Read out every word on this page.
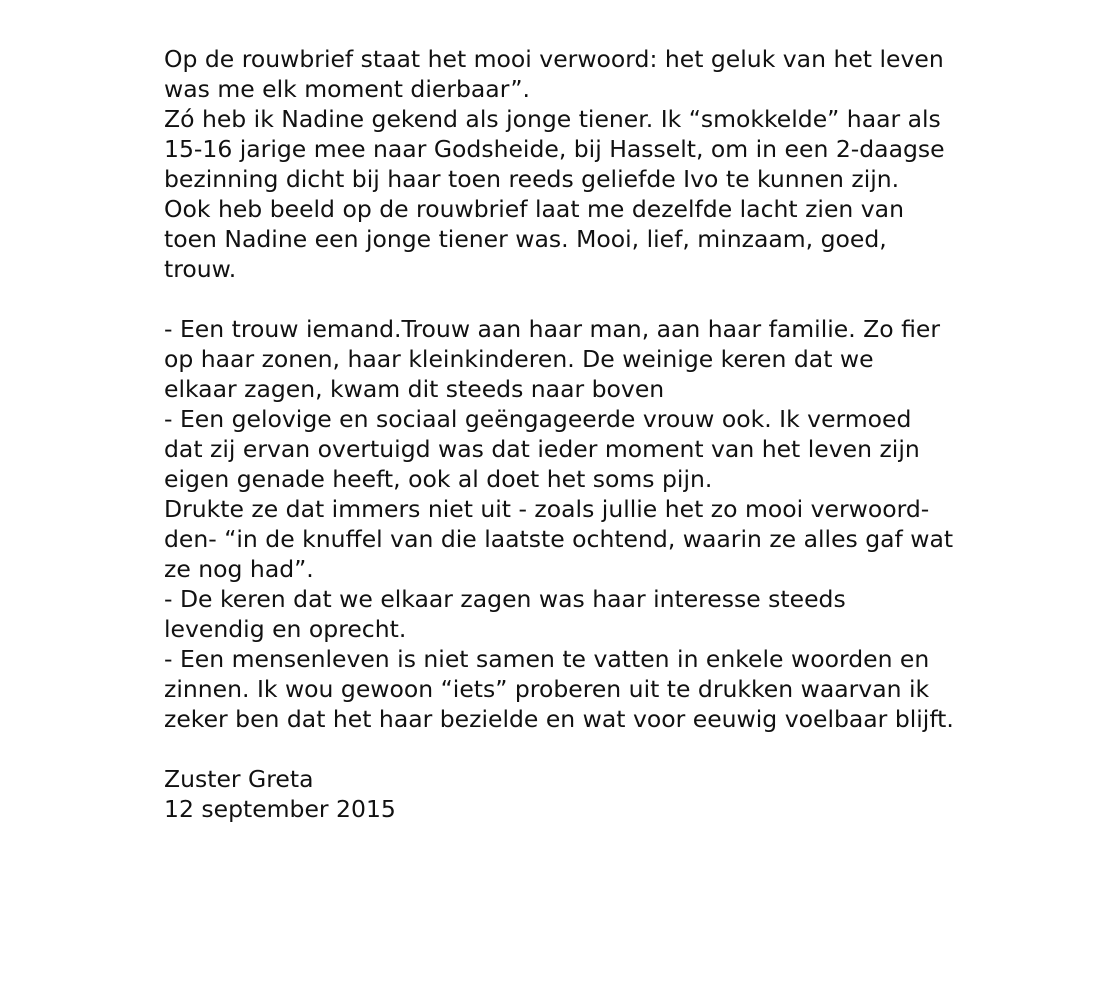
Op de rouwbrief staat het mooi verwoord: het geluk van het leven
was me elk moment dierbaar”.
Zó heb ik Nadine gekend als jonge tiener. Ik “smokkelde” haar als
15-16 jarige mee naar Godsheide, bij Hasselt, om in een 2-daagse
bezinning dicht bij haar toen reeds geliefde Ivo te kunnen zijn.
Ook heb beeld op de rouwbrief laat me dezelfde lacht zien van
toen Nadine een jonge tiener was. Mooi, lief, minzaam, goed,
trouw.
- Een trouw iemand.Trouw aan haar man, aan haar familie. Zo fier
op haar zonen, haar kleinkinderen. De weinige keren dat we
elkaar zagen, kwam dit steeds naar boven
- Een gelovige en sociaal geëngageerde vrouw ook. Ik vermoed
dat zij ervan overtuigd was dat ieder moment van het leven zijn
eigen genade heeft, ook al doet het soms pijn.
Drukte ze dat immers niet uit - zoals jullie het zo mooi verwoord-
den- “in de knuffel van die laatste ochtend, waarin ze alles gaf wat
ze nog had”.
- De keren dat we elkaar zagen was haar interesse steeds
levendig en oprecht.
- Een mensenleven is niet samen te vatten in enkele woorden en
zinnen. Ik wou gewoon “iets” proberen uit te drukken waarvan ik
zeker ben dat het haar bezielde en wat voor eeuwig voelbaar blijft.
Zuster Greta
12 september 2015
